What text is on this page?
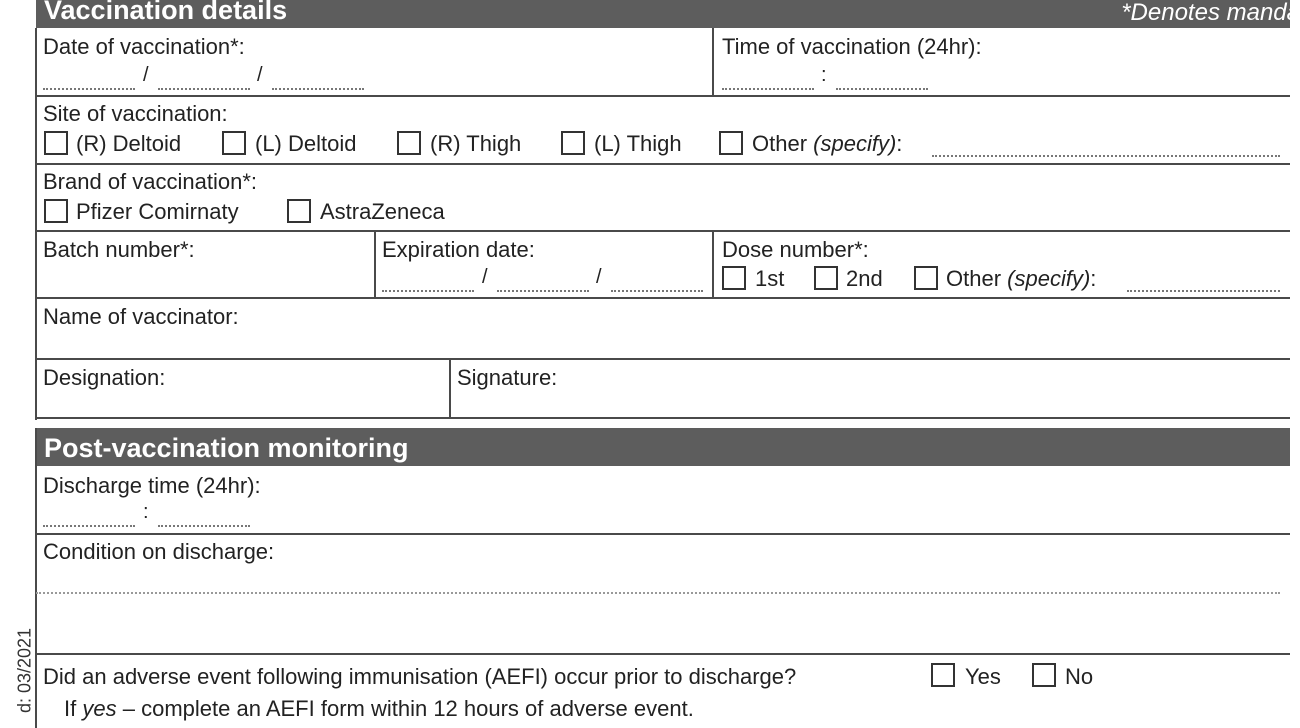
d: 03/2021
Vaccination details	*Denotes manda
Date of vaccination*:
/	/
Time of vaccination (24hr):
:
Site of vaccination:
(R) Deltoid	(L) Deltoid	(R) Thigh	(L) Thigh	Other (specify):
Brand of vaccination*:
Pfizer Comirnaty	AstraZeneca
Batch number*:	Expiration date:
/	/
Dose number*:
1st	2nd	Other (specify):
Name of vaccinator:
Designation:	Signature:
Post-vaccination monitoring
Discharge time (24hr):
:
Condition on discharge:
Did an adverse event following immunisation (AEFI) occur prior to discharge?	Yes	No
If yes – complete an AEFI form within 12 hours of adverse event.
